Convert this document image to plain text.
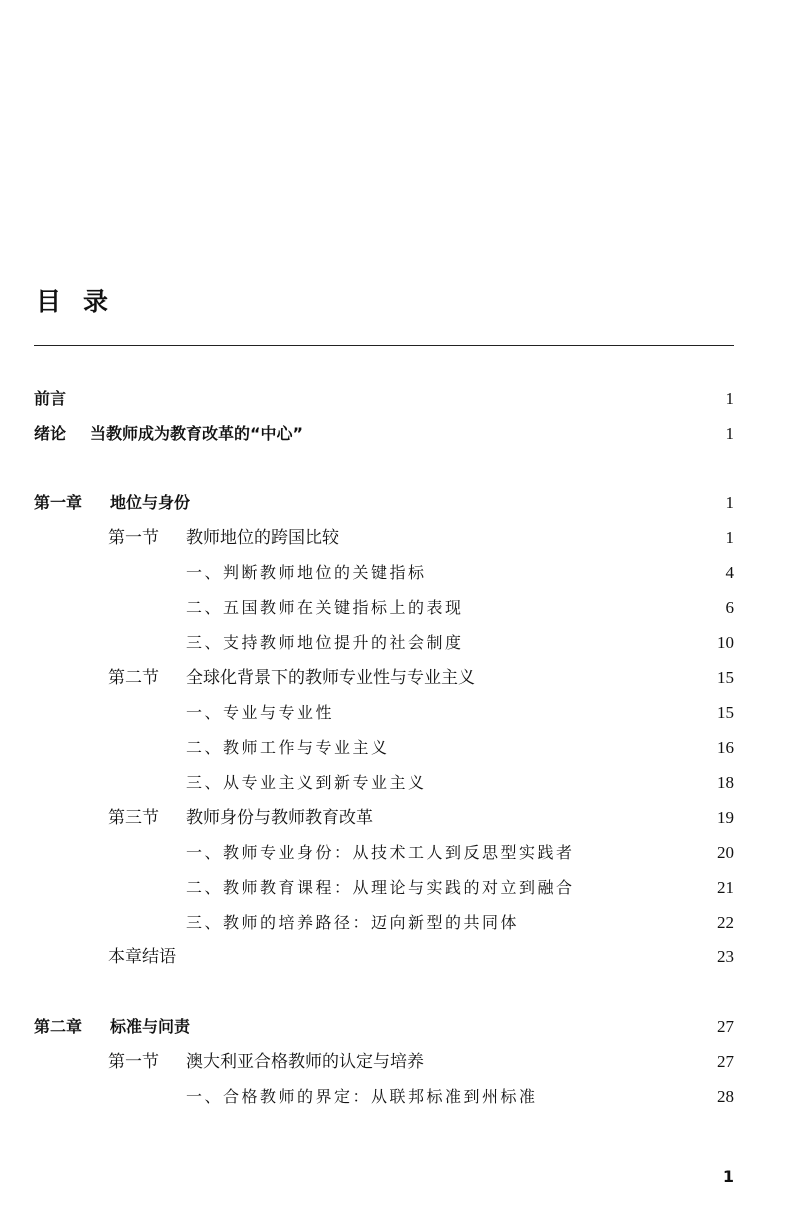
目录
前言	1
绪论 当教师成为教育改革的“中心”	1
第一章 地位与身份	1
第一节 教师地位的跨国比较	1
一、判断教师地位的关键指标	4
二、五国教师在关键指标上的表现	6
三、支持教师地位提升的社会制度	10
第二节 全球化背景下的教师专业性与专业主义	15
一、专业与专业性	15
二、教师工作与专业主义	16
三、从专业主义到新专业主义	18
第三节 教师身份与教师教育改革	19
一、教师专业身份：从技术工人到反思型实践者	20
二、教师教育课程：从理论与实践的对立到融合	21
三、教师的培养路径：迈向新型的共同体	22
本章结语	23
第二章 标准与问责	27
第一节 澳大利亚合格教师的认定与培养	27
一、合格教师的界定：从联邦标准到州标准	28
1
